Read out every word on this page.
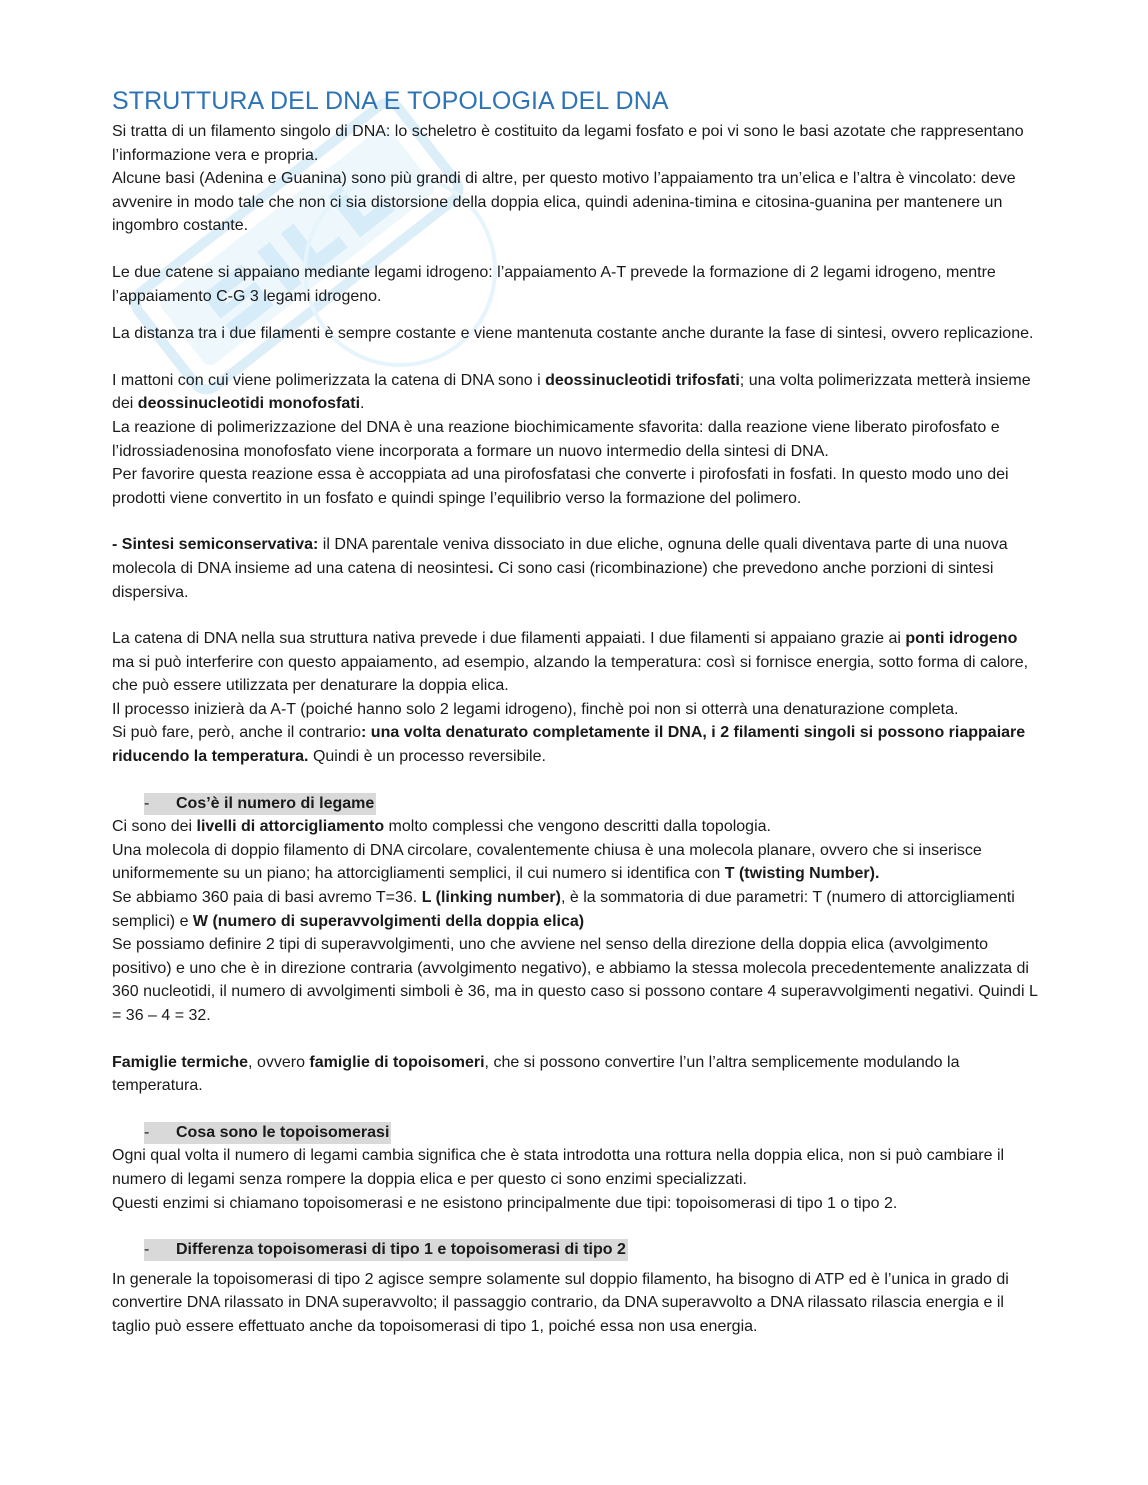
STRUTTURA DEL DNA E TOPOLOGIA DEL DNA

Si tratta di un filamento singolo di DNA: lo scheletro è costituito da legami fosfato e poi vi sono le basi azotate che rappresentano l’informazione vera e propria.

Alcune basi (Adenina e Guanina) sono più grandi di altre, per questo motivo l’appaiamento tra un’elica e l’altra è vincolato: deve avvenire in modo tale che non ci sia distorsione della doppia elica, quindi adenina-timina e citosina-guanina per mantenere un ingombro costante.

Le due catene si appaiano mediante legami idrogeno: l’appaiamento A-T prevede la formazione di 2 legami idrogeno, mentre l’appaiamento C-G 3 legami idrogeno.

La distanza tra i due filamenti è sempre costante e viene mantenuta costante anche durante la fase di sintesi, ovvero replicazione.

I mattoni con cui viene polimerizzata la catena di DNA sono i deossinucleotidi trifosfati; una volta polimerizzata metterà insieme dei deossinucleotidi monofosfati.

La reazione di polimerizzazione del DNA è una reazione biochimicamente sfavorita: dalla reazione viene liberato pirofosfato e l’idrossiadenosina monofosfato viene incorporata a formare un nuovo intermedio della sintesi di DNA.

Per favorire questa reazione essa è accoppiata ad una pirofosfatasi che converte i pirofosfati in fosfati. In questo modo uno dei prodotti viene convertito in un fosfato e quindi spinge l’equilibrio verso la formazione del polimero.

- Sintesi semiconservativa: il DNA parentale veniva dissociato in due eliche, ognuna delle quali diventava parte di una nuova molecola di DNA insieme ad una catena di neosintesi. Ci sono casi (ricombinazione) che prevedono anche porzioni di sintesi dispersiva.

La catena di DNA nella sua struttura nativa prevede i due filamenti appaiati. I due filamenti si appaiano grazie ai ponti idrogeno ma si può interferire con questo appaiamento, ad esempio, alzando la temperatura: così si fornisce energia, sotto forma di calore, che può essere utilizzata per denaturare la doppia elica.

Il processo inizierà da A-T (poiché hanno solo 2 legami idrogeno), finchè poi non si otterrà una denaturazione completa.

Si può fare, però, anche il contrario: una volta denaturato completamente il DNA, i 2 filamenti singoli si possono riappaiare riducendo la temperatura. Quindi è un processo reversibile.

- Cos’è il numero di legame

Ci sono dei livelli di attorcigliamento molto complessi che vengono descritti dalla topologia.

Una molecola di doppio filamento di DNA circolare, covalentemente chiusa è una molecola planare, ovvero che si inserisce uniformemente su un piano; ha attorcigliamenti semplici, il cui numero si identifica con T (twisting Number).

Se abbiamo 360 paia di basi avremo T=36. L (linking number), è la sommatoria di due parametri: T (numero di attorcigliamenti semplici) e W (numero di superavvolgimenti della doppia elica)

Se possiamo definire 2 tipi di superavvolgimenti, uno che avviene nel senso della direzione della doppia elica (avvolgimento positivo) e uno che è in direzione contraria (avvolgimento negativo), e abbiamo la stessa molecola precedentemente analizzata di 360 nucleotidi, il numero di avvolgimenti simboli è 36, ma in questo caso si possono contare 4 superavvolgimenti negativi. Quindi L = 36 – 4 = 32.

Famiglie termiche, ovvero famiglie di topoisomeri, che si possono convertire l’un l’altra semplicemente modulando la temperatura.

- Cosa sono le topoisomerasi

Ogni qual volta il numero di legami cambia significa che è stata introdotta una rottura nella doppia elica, non si può cambiare il numero di legami senza rompere la doppia elica e per questo ci sono enzimi specializzati.

Questi enzimi si chiamano topoisomerasi e ne esistono principalmente due tipi: topoisomerasi di tipo 1 o tipo 2.

- Differenza topoisomerasi di tipo 1 e topoisomerasi di tipo 2

In generale la topoisomerasi di tipo 2 agisce sempre solamente sul doppio filamento, ha bisogno di ATP ed è l’unica in grado di convertire DNA rilassato in DNA superavvolto; il passaggio contrario, da DNA superavvolto a DNA rilassato rilascia energia e il taglio può essere effettuato anche da topoisomerasi di tipo 1, poiché essa non usa energia.
